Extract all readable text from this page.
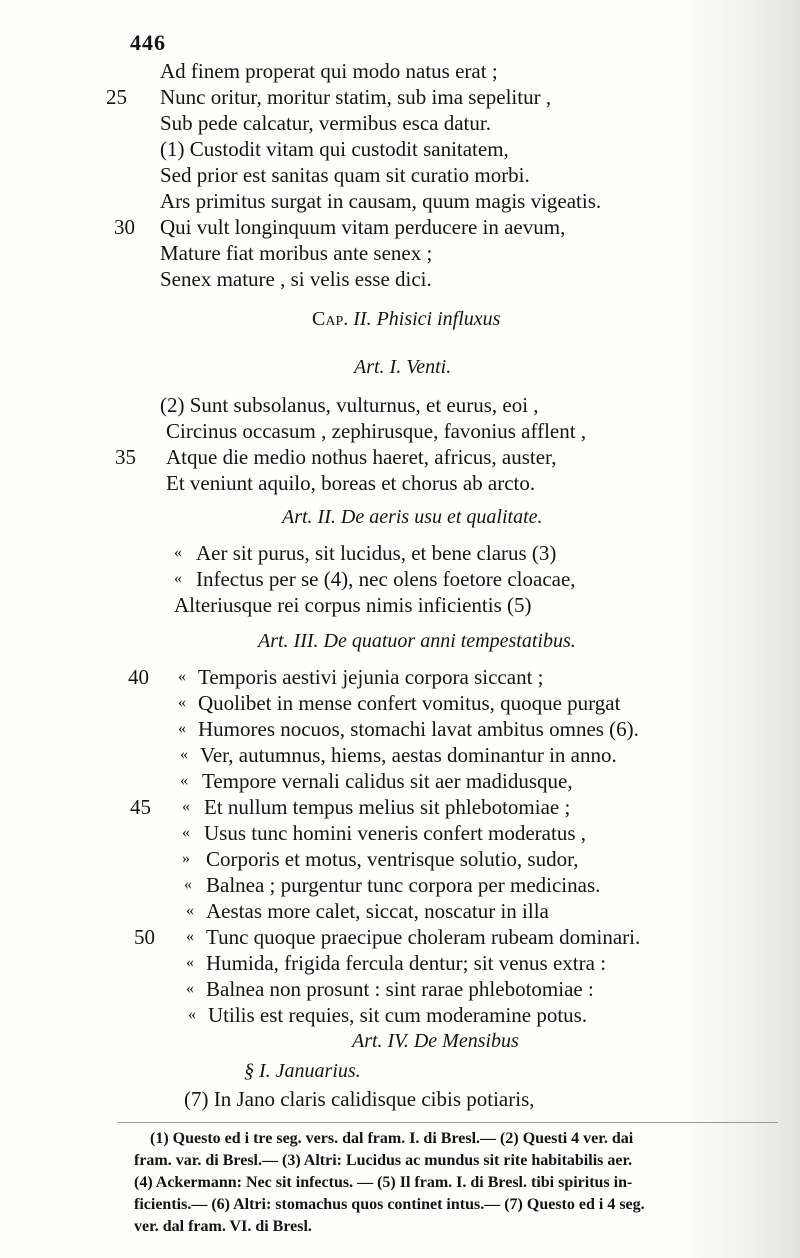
446
Ad finem properat qui modo natus erat ;
25 Nunc oritur, moritur statim, sub ima sepelitur ,
Sub pede calcatur, vermibus esca datur.
(1) Custodit vitam qui custodit sanitatem,
Sed prior est sanitas quam sit curatio morbi.
Ars primitus surgat in causam, quum magis vigeatis.
30 Qui vult longinquum vitam perducere in aevum,
Mature fiat moribus ante senex ;
Senex mature , si velis esse dici.
Cap. II. Phisici influxus
Art. I. Venti.
(2) Sunt subsolanus, vulturnus, et eurus, eoi ,
Circinus occasum , zephirusque, favonius afflent ,
35 Atque die medio nothus haeret, africus, auster,
Et veniunt aquilo, boreas et chorus ab arcto.
Art. II. De aeris usu et qualitate.
« Aer sit purus, sit lucidus, et bene clarus (3)
« Infectus per se (4), nec olens foetore cloacae,
Alteriusque rei corpus nimis inficientis (5)
Art. III. De quatuor anni tempestatibus.
40 « Temporis aestivi jejunia corpora siccant ;
« Quolibet in mense confert vomitus, quoque purgat
« Humores nocuos, stomachi lavat ambitus omnes (6).
« Ver, autumnus, hiems, aestas dominantur in anno.
« Tempore vernali calidus sit aer madidusque,
45 « Et nullum tempus melius sit phlebotomiae ;
« Usus tunc homini veneris confert moderatus ,
» Corporis et motus, ventrisque solutio, sudor,
« Balnea ; purgentur tunc corpora per medicinas.
« Aestas more calet, siccat, noscatur in illa
50 « Tunc quoque praecipue choleram rubeam dominari.
« Humida, frigida fercula dentur; sit venus extra :
« Balnea non prosunt : sint rarae phlebotomiae :
« Utilis est requies, sit cum moderamine potus.
Art. IV. De Mensibus
§ I. Januarius.
(7) In Jano claris calidisque cibis potiaris,
(1) Questo ed i tre seg. vers. dal fram. I. di Bresl.— (2) Questi 4 ver. dai
fram. var. di Bresl.— (3) Altri: Lucidus ac mundus sit rite habitabilis aer.
(4) Ackermann: Nec sit infectus. — (5) Il fram. I. di Bresl. tibi spiritus in-
ficientis.— (6) Altri: stomachus quos continet intus.— (7) Questo ed i 4 seg.
ver. dal fram. VI. di Bresl.
